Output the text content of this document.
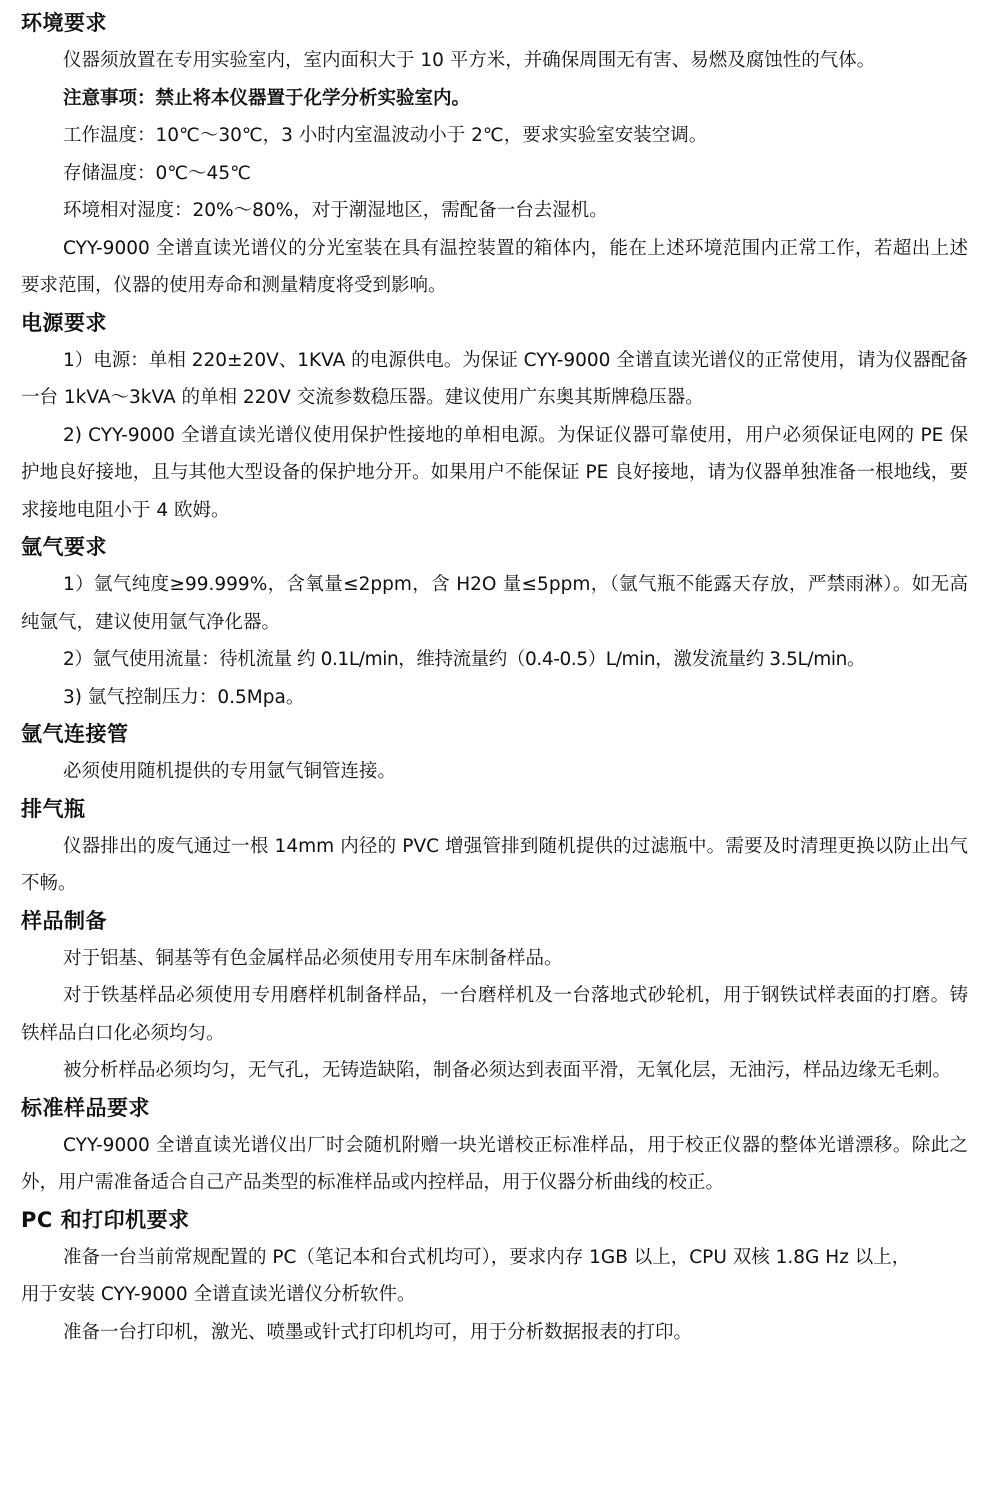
环境要求

仪器须放置在专用实验室内，室内面积大于 10 平方米，并确保周围无有害、易燃及腐蚀性的气体。

注意事项：禁止将本仪器置于化学分析实验室内。

工作温度：10℃～30℃，3 小时内室温波动小于 2℃，要求实验室安装空调。

存储温度：0℃～45℃

环境相对湿度：20%～80%，对于潮湿地区，需配备一台去湿机。

CYY-9000 全谱直读光谱仪的分光室装在具有温控装置的箱体内，能在上述环境范围内正常工作，若超出上述要求范围，仪器的使用寿命和测量精度将受到影响。

电源要求

1）电源：单相 220±20V、1KVA 的电源供电。为保证 CYY-9000 全谱直读光谱仪的正常使用，请为仪器配备一台 1kVA～3kVA 的单相 220V 交流参数稳压器。建议使用广东奥其斯牌稳压器。

2) CYY-9000 全谱直读光谱仪使用保护性接地的单相电源。为保证仪器可靠使用，用户必须保证电网的 PE 保护地良好接地，且与其他大型设备的保护地分开。如果用户不能保证 PE 良好接地，请为仪器单独准备一根地线，要求接地电阻小于 4 欧姆。

氩气要求

1）氩气纯度≥99.999%，含氧量≤2ppm，含 H2O 量≤5ppm，（氩气瓶不能露天存放，严禁雨淋）。如无高纯氩气，建议使用氩气净化器。

2）氩气使用流量：待机流量 约 0.1L/min，维持流量约（0.4-0.5）L/min，激发流量约 3.5L/min。

3) 氩气控制压力：0.5Mpa。

氩气连接管

必须使用随机提供的专用氩气铜管连接。

排气瓶

仪器排出的废气通过一根 14mm 内径的 PVC 增强管排到随机提供的过滤瓶中。需要及时清理更换以防止出气不畅。

样品制备

对于铝基、铜基等有色金属样品必须使用专用车床制备样品。

对于铁基样品必须使用专用磨样机制备样品，一台磨样机及一台落地式砂轮机，用于钢铁试样表面的打磨。铸铁样品白口化必须均匀。

被分析样品必须均匀，无气孔，无铸造缺陷，制备必须达到表面平滑，无氧化层，无油污，样品边缘无毛刺。

标准样品要求

CYY-9000 全谱直读光谱仪出厂时会随机附赠一块光谱校正标准样品，用于校正仪器的整体光谱漂移。除此之外，用户需准备适合自己产品类型的标准样品或内控样品，用于仪器分析曲线的校正。

PC 和打印机要求

准备一台当前常规配置的 PC（笔记本和台式机均可），要求内存 1GB 以上，CPU 双核 1.8G Hz 以上，

用于安装 CYY-9000 全谱直读光谱仪分析软件。

准备一台打印机，激光、喷墨或针式打印机均可，用于分析数据报表的打印。
